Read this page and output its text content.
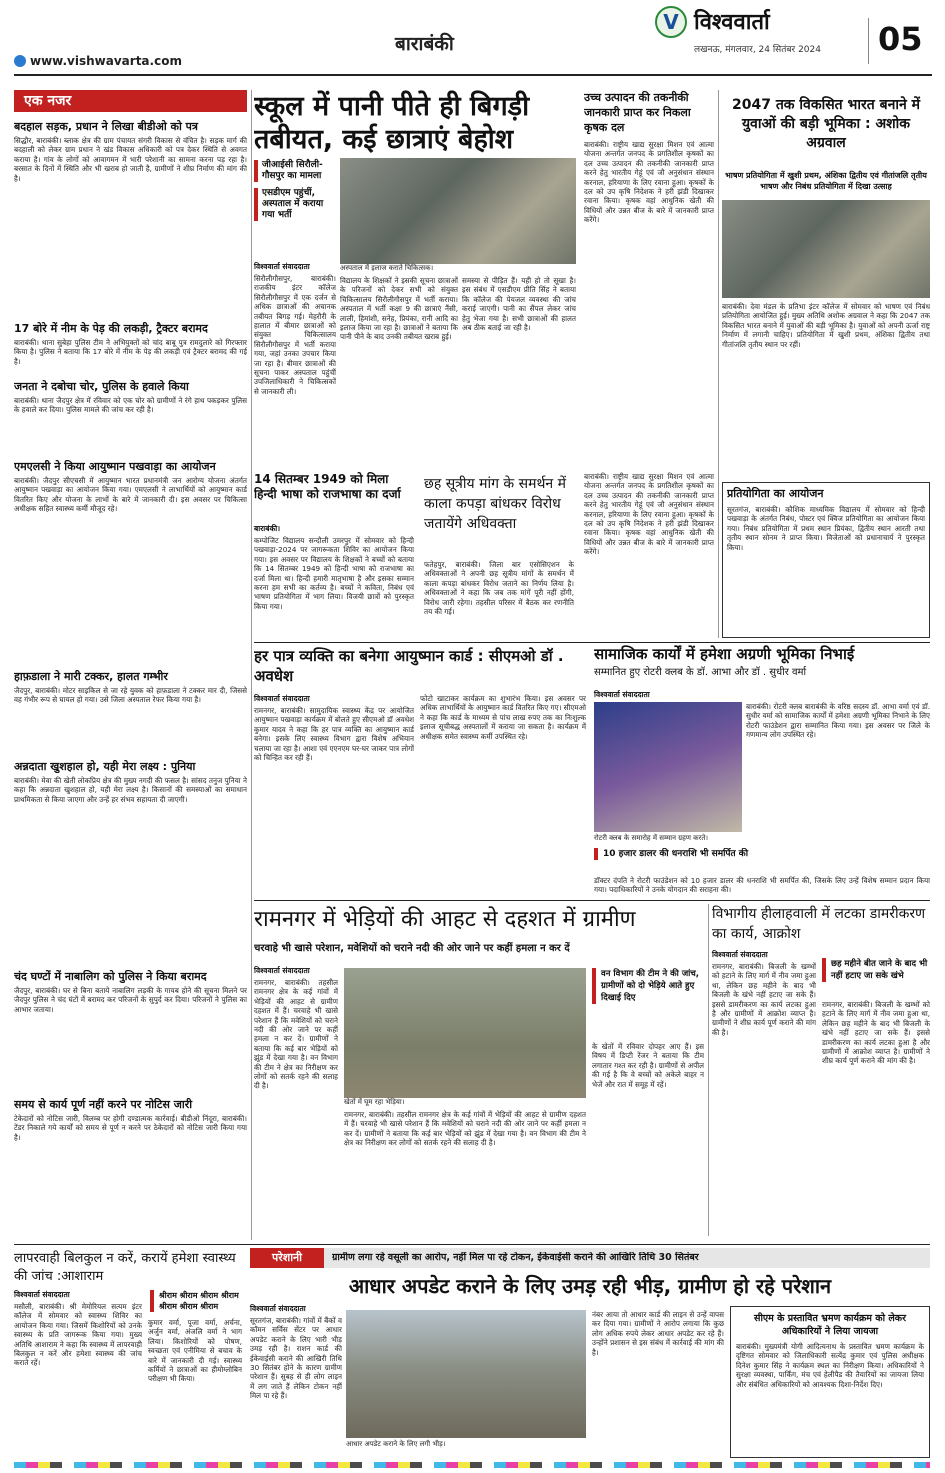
बाराबंकी
www.vishwavarta.com
V विश्ववार्ता
लखनऊ, मंगलवार, 24 सितंबर 2024 05
एक नजर
बदहाल सड़क, प्रधान ने लिखा बीडीओ को पत्र
सिद्धौर, बाराबंकी। ब्लाक क्षेत्र की ग्राम पंचायत संगरी विकास से वंचित है। सड़क मार्ग की बदहाली को लेकर ग्राम प्रधान ने खंड विकास अधिकारी को पत्र देकर स्थिति से अवगत कराया है। गांव के लोगों को आवागमन में भारी परेशानी का सामना करना पड़ रहा है। बरसात के दिनों में स्थिति और भी खराब हो जाती है, ग्रामीणों ने शीघ्र निर्माण की मांग की है।
17 बोरे में नीम के पेड़ की लकड़ी, ट्रैक्टर बरामद
बाराबंकी। थाना सुबेहा पुलिस टीम ने अभियुक्तों को चांद बाबू पुत्र रामदुलारे को गिरफ्तार किया है। पुलिस ने बताया कि 17 बोरे में नीम के पेड़ की लकड़ी एवं ट्रैक्टर बरामद की गई है।
जनता ने दबोचा चोर, पुलिस के हवाले किया
बाराबंकी। थाना जैदपुर क्षेत्र में रविवार को एक चोर को ग्रामीणों ने रंगे हाथ पकड़कर पुलिस के हवाले कर दिया। पुलिस मामले की जांच कर रही है।
एमएलसी ने किया आयुष्मान पखवाड़ा का आयोजन
बाराबंकी। जैदपुर सीएचसी में आयुष्मान भारत प्रधानमंत्री जन आरोग्य योजना अंतर्गत आयुष्मान पखवाड़ा का आयोजन किया गया। एमएलसी ने लाभार्थियों को आयुष्मान कार्ड वितरित किए और योजना के लाभों के बारे में जानकारी दी। इस अवसर पर चिकित्सा अधीक्षक सहित स्वास्थ्य कर्मी मौजूद रहे।
हाफ़डाला ने मारी टक्कर, हालत गम्भीर
जैदपुर, बाराबंकी। मोटर साइकिल से जा रहे युवक को हाफ़डाला ने टक्कर मार दी, जिससे वह गंभीर रूप से घायल हो गया। उसे जिला अस्पताल रेफर किया गया है।
अन्नदाता खुशहाल हो, यही मेरा लक्ष्य : पुनिया
बाराबंकी। मेवा की खेती लोकप्रिय क्षेत्र की मुख्य नगदी की फसल है। सांसद तनुज पुनिया ने कहा कि अन्नदाता खुशहाल हो, यही मेरा लक्ष्य है। किसानों की समस्याओं का समाधान प्राथमिकता से किया जाएगा और उन्हें हर संभव सहायता दी जाएगी।
चंद घण्टों में नाबालिग को पुलिस ने किया बरामद
जैदपुर, बाराबंकी। घर से बिना बताये नाबालिग लड़की के गायब होने की सूचना मिलने पर जैदपुर पुलिस ने चंद घंटों में बरामद कर परिजनों के सुपुर्द कर दिया। परिजनों ने पुलिस का आभार जताया।
समय से कार्य पूर्ण नहीं करने पर नोटिस जारी
टेकेदारों को नोटिस जारी, विलम्ब पर होगी दण्डात्मक कार्रवाई। बीडीओ निंदूरा, बाराबंकी। टेंडर निकाले गये कार्यों को समय से पूर्ण न करने पर ठेकेदारों को नोटिस जारी किया गया है।
स्कूल में पानी पीते ही बिगड़ी तबीयत, कई छात्राएं बेहोश
जीआईसी सिरौली- गौसपुर का मामला
एसडीएम पहुंचीं, अस्पताल में कराया गया भर्ती
अस्पताल में इलाज कराते चिकित्सक।
विश्ववार्ता संवाददाता
सिरौलीगौसपुर, बाराबंकी। राजकीय इंटर कॉलेज सिरौलीगौसपुर में एक दर्जन से अधिक छात्राओं की अचानक तबीयत बिगड़ गई। मेहरौरी के हालात में बीमार छात्राओं को संयुक्त चिकित्सालय सिरौलीगौसपुर में भर्ती कराया गया, जहां उनका उपचार किया जा रहा है। बीमार छात्राओं की सूचना पाकर अस्पताल पहुंचीं उपजिलाधिकारी ने चिकित्सकों से जानकारी ली।
विद्यालय के शिक्षकों ने इसकी सूचना छात्राओं के परिजनों को देकर सभी को संयुक्त चिकित्सालय सिरौलीगौसपुर में भर्ती कराया। अस्पताल में भर्ती कक्षा 9 की छात्राएं नैंसी, लाली, हिमांशी, सनेह, प्रियंका, रानी आदि का इलाज किया जा रहा है। छात्राओं ने बताया कि पानी पीने के बाद उनकी तबीयत खराब हुई।
समस्या से पीड़ित हैं। यही हो तो सूखा है। इस संबंध में एसडीएम प्रीति सिंह ने बताया कि कॉलेज की पेयजल व्यवस्था की जांच कराई जाएगी। पानी का सैंपल लेकर जांच हेतु भेजा गया है। सभी छात्राओं की हालत अब ठीक बताई जा रही है।
14 सितम्बर 1949 को मिला हिन्दी भाषा को राजभाषा का दर्जा
बाराबंकी।
कम्पोजिट विद्यालय सन्दौली उमरपुर में सोमवार को हिन्दी पखवाड़ा-2024 पर जागरूकता शिविर का आयोजन किया गया। इस अवसर पर विद्यालय के शिक्षकों ने बच्चों को बताया कि 14 सितम्बर 1949 को हिन्दी भाषा को राजभाषा का दर्जा मिला था। हिन्दी हमारी मातृभाषा है और इसका सम्मान करना हम सभी का कर्तव्य है। बच्चों ने कविता, निबंध एवं भाषण प्रतियोगिता में भाग लिया। विजयी छात्रों को पुरस्कृत किया गया।
छह सूत्रीय मांग के समर्थन में काला कपड़ा बांधकर विरोध जतायेंगे अधिवक्ता
फतेहपुर, बाराबंकी। जिला बार एसोसिएशन के अधिवक्ताओं ने अपनी छह सूत्रीय मांगों के समर्थन में काला कपड़ा बांधकर विरोध जताने का निर्णय लिया है। अधिवक्ताओं ने कहा कि जब तक मांगें पूरी नहीं होंगी, विरोध जारी रहेगा। तहसील परिसर में बैठक कर रणनीति तय की गई।
उच्च उत्पादन की तकनीकी जानकारी प्राप्त कर निकला कृषक दल
बाराबंकी। राष्ट्रीय खाद्य सुरक्षा मिशन एवं आत्मा योजना अन्तर्गत जनपद के प्रगतिशील कृषकों का दल उच्च उत्पादन की तकनीकी जानकारी प्राप्त करने हेतु भारतीय गेहूं एवं जौ अनुसंधान संस्थान करनाल, हरियाणा के लिए रवाना हुआ। कृषकों के दल को उप कृषि निदेशक ने हरी झंडी दिखाकर रवाना किया। कृषक वहां आधुनिक खेती की विधियों और उन्नत बीज के बारे में जानकारी प्राप्त करेंगे।
बाराबंकी। राष्ट्रीय खाद्य सुरक्षा मिशन एवं आत्मा योजना अन्तर्गत जनपद के प्रगतिशील कृषकों का दल उच्च उत्पादन की तकनीकी जानकारी प्राप्त करने हेतु भारतीय गेहूं एवं जौ अनुसंधान संस्थान करनाल, हरियाणा के लिए रवाना हुआ। कृषकों के दल को उप कृषि निदेशक ने हरी झंडी दिखाकर रवाना किया। कृषक वहां आधुनिक खेती की विधियों और उन्नत बीज के बारे में जानकारी प्राप्त करेंगे।
2047 तक विकसित भारत बनाने में युवाओं की बड़ी भूमिका : अशोक अग्रवाल
भाषण प्रतियोगिता में खुशी प्रथम, अंशिका द्वितीय एवं गीतांजलि तृतीय भाषण और निबंध प्रतियोगिता में दिखा उत्साह
बाराबंकी। देवा मंडल के प्रतिभा इंटर कॉलेज में सोमवार को भाषण एवं निबंध प्रतियोगिता आयोजित हुई। मुख्य अतिथि अशोक अग्रवाल ने कहा कि 2047 तक विकसित भारत बनाने में युवाओं की बड़ी भूमिका है। युवाओं को अपनी ऊर्जा राष्ट्र निर्माण में लगानी चाहिए। प्रतियोगिता में खुशी प्रथम, अंशिका द्वितीय तथा गीतांजलि तृतीय स्थान पर रहीं।
प्रतियोगिता का आयोजन
सूरतगंज, बाराबंकी। कौशिक माध्यमिक विद्यालय में सोमवार को हिन्दी पखवाड़ा के अंतर्गत निबंध, पोस्टर एवं क्विज प्रतियोगिता का आयोजन किया गया। निबंध प्रतियोगिता में प्रथम स्थान प्रियंका, द्वितीय स्थान आरती तथा तृतीय स्थान सोनम ने प्राप्त किया। विजेताओं को प्रधानाचार्य ने पुरस्कृत किया।
हर पात्र व्यक्ति का बनेगा आयुष्मान कार्ड : सीएमओ डॉ . अवधेश
विश्ववार्ता संवाददाता
रामनगर, बाराबंकी। सामुदायिक स्वास्थ्य केंद्र पर आयोजित आयुष्मान पखवाड़ा कार्यक्रम में बोलते हुए सीएमओ डॉ अवधेश कुमार यादव ने कहा कि हर पात्र व्यक्ति का आयुष्मान कार्ड बनेगा। इसके लिए स्वास्थ्य विभाग द्वारा विशेष अभियान चलाया जा रहा है। आशा एवं एएनएम घर-घर जाकर पात्र लोगों को चिन्हित कर रही हैं।
फोटो खाटाकर कार्यक्रम का शुभारंभ किया। इस अवसर पर अधिक लाभार्थियों के आयुष्मान कार्ड वितरित किए गए। सीएमओ ने कहा कि कार्ड के माध्यम से पांच लाख रुपए तक का निःशुल्क इलाज सूचीबद्ध अस्पतालों में कराया जा सकता है। कार्यक्रम में अधीक्षक समेत स्वास्थ्य कर्मी उपस्थित रहे।
सामाजिक कार्यों में हमेशा अग्रणी भूमिका निभाई
सम्मानित हुए रोटरी क्लब के डॉ. आभा और डॉ . सुधीर वर्मा
विश्ववार्ता संवाददाता
रोटरी क्लब के समारोह में सम्मान ग्रहण करते।
बाराबंकी। रोटरी क्लब बाराबंकी के वरिष्ठ सदस्य डॉ. आभा वर्मा एवं डॉ. सुधीर वर्मा को सामाजिक कार्यों में हमेशा अग्रणी भूमिका निभाने के लिए रोटरी फाउंडेशन द्वारा सम्मानित किया गया। इस अवसर पर जिले के गणमान्य लोग उपस्थित रहे।
10 हजार डालर की धनराशि भी समर्पित की
डॉक्टर दंपति ने रोटरी फाउंडेशन को 10 हजार डालर की धनराशि भी समर्पित की, जिसके लिए उन्हें विशेष सम्मान प्रदान किया गया। पदाधिकारियों ने उनके योगदान की सराहना की।
रामनगर में भेड़ियों की आहट से दहशत में ग्रामीण
चरवाहे भी खासे परेशान, मवेशियों को चराने नदी की ओर जाने पर कहीं हमला न कर दें
विश्ववार्ता संवाददाता
रामनगर, बाराबंकी। तहसील रामनगर क्षेत्र के कई गांवों में भेड़ियों की आहट से ग्रामीण दहशत में हैं। चरवाहे भी खासे परेशान हैं कि मवेशियों को चराने नदी की ओर जाने पर कहीं हमला न कर दें। ग्रामीणों ने बताया कि कई बार भेड़ियों को झुंड में देखा गया है। वन विभाग की टीम ने क्षेत्र का निरीक्षण कर लोगों को सतर्क रहने की सलाह दी है।
खेतों में घूम रहा भेड़िया।
रामनगर, बाराबंकी। तहसील रामनगर क्षेत्र के कई गांवों में भेड़ियों की आहट से ग्रामीण दहशत में हैं। चरवाहे भी खासे परेशान हैं कि मवेशियों को चराने नदी की ओर जाने पर कहीं हमला न कर दें। ग्रामीणों ने बताया कि कई बार भेड़ियों को झुंड में देखा गया है। वन विभाग की टीम ने क्षेत्र का निरीक्षण कर लोगों को सतर्क रहने की सलाह दी है।
वन विभाग की टीम ने की जांच, ग्रामीणों को दो भेड़िये आते हुए दिखाई दिए
के खेतों में रविवार दोपहर आए हैं। इस विषय में डिप्टी रेंजर ने बताया कि टीम लगातार गश्त कर रही है। ग्रामीणों से अपील की गई है कि वे बच्चों को अकेले बाहर न भेजें और रात में समूह में रहें।
विभागीय हीलाहवाली में लटका डामरीकरण का कार्य, आक्रोश
विश्ववार्ता संवाददाता
छह महीने बीत जाने के बाद भी नहीं हटाए जा सके खंभे
रामनगर, बाराबंकी। बिजली के खम्भों को हटाने के लिए मार्ग में नीव जमा हुआ था, लेकिन छह महीने के बाद भी बिजली के खंभे नहीं हटाए जा सके हैं। इससे डामरीकरण का कार्य लटका हुआ है और ग्रामीणों में आक्रोश व्याप्त है। ग्रामीणों ने शीघ्र कार्य पूर्ण कराने की मांग की है।
रामनगर, बाराबंकी। बिजली के खम्भों को हटाने के लिए मार्ग में नीव जमा हुआ था, लेकिन छह महीने के बाद भी बिजली के खंभे नहीं हटाए जा सके हैं। इससे डामरीकरण का कार्य लटका हुआ है और ग्रामीणों में आक्रोश व्याप्त है। ग्रामीणों ने शीघ्र कार्य पूर्ण कराने की मांग की है।
लापरवाही बिलकुल न करें, करायें हमेशा स्वास्थ्य की जांच :आशाराम
श्रीराम श्रीराम श्रीराम श्रीराम श्रीराम श्रीराम श्रीराम
विश्ववार्ता संवाददाता
मसौली, बाराबंकी। श्री मेमोरियल सत्यम इंटर कॉलेज में सोमवार को स्वास्थ्य शिविर का आयोजन किया गया। जिसमें किशोरियों को उनके स्वास्थ्य के प्रति जागरूक किया गया। मुख्य अतिथि आशाराम ने कहा कि स्वास्थ्य में लापरवाही बिलकुल न करें और हमेशा स्वास्थ्य की जांच कराते रहें।
कुमार वर्मा, पूजा वर्मा, अर्चना, अर्जुन वर्मा, अंजलि वर्मा ने भाग लिया। किशोरियों को पोषण, स्वच्छता एवं एनीमिया से बचाव के बारे में जानकारी दी गई। स्वास्थ्य कर्मियों ने छात्राओं का हीमोग्लोबिन परीक्षण भी किया।
परेशानी	ग्रामीण लगा रहे वसूली का आरोप, नहीं मिल पा रहे टोकन, ईकेवाईसी कराने की आखिरि तिथि 30 सितंबर
आधार अपडेट कराने के लिए उमड़ रही भीड़, ग्रामीण हो रहे परेशान
विश्ववार्ता संवाददाता
सूरतगंज, बाराबंकी। गांवों में बैंकों व कॉमन सर्विस सेंटर पर आधार अपडेट कराने के लिए भारी भीड़ उमड़ रही है। राशन कार्ड की ईकेवाईसी कराने की आखिरी तिथि 30 सितंबर होने के कारण ग्रामीण परेशान हैं। सुबह से ही लोग लाइन में लग जाते हैं लेकिन टोकन नहीं मिल पा रहे हैं।
आधार अपडेट कराने के लिए लगी भीड़।
नंबर आया तो आधार कार्ड की लाइन से उन्हें वापस कर दिया गया। ग्रामीणों ने आरोप लगाया कि कुछ लोग अधिक रुपये लेकर आधार अपडेट कर रहे हैं। उन्होंने प्रशासन से इस संबंध में कार्रवाई की मांग की है।
सीएम के प्रस्तावित भ्रमण कार्यक्रम को लेकर अधिकारियों ने लिया जायजा
बाराबंकी। मुख्यमंत्री योगी आदित्यनाथ के प्रस्तावित भ्रमण कार्यक्रम के दृष्टिगत सोमवार को जिलाधिकारी सत्येंद्र कुमार एवं पुलिस अधीक्षक दिनेश कुमार सिंह ने कार्यक्रम स्थल का निरीक्षण किया। अधिकारियों ने सुरक्षा व्यवस्था, पार्किंग, मंच एवं हेलीपैड की तैयारियों का जायजा लिया और संबंधित अधिकारियों को आवश्यक दिशा-निर्देश दिए।
